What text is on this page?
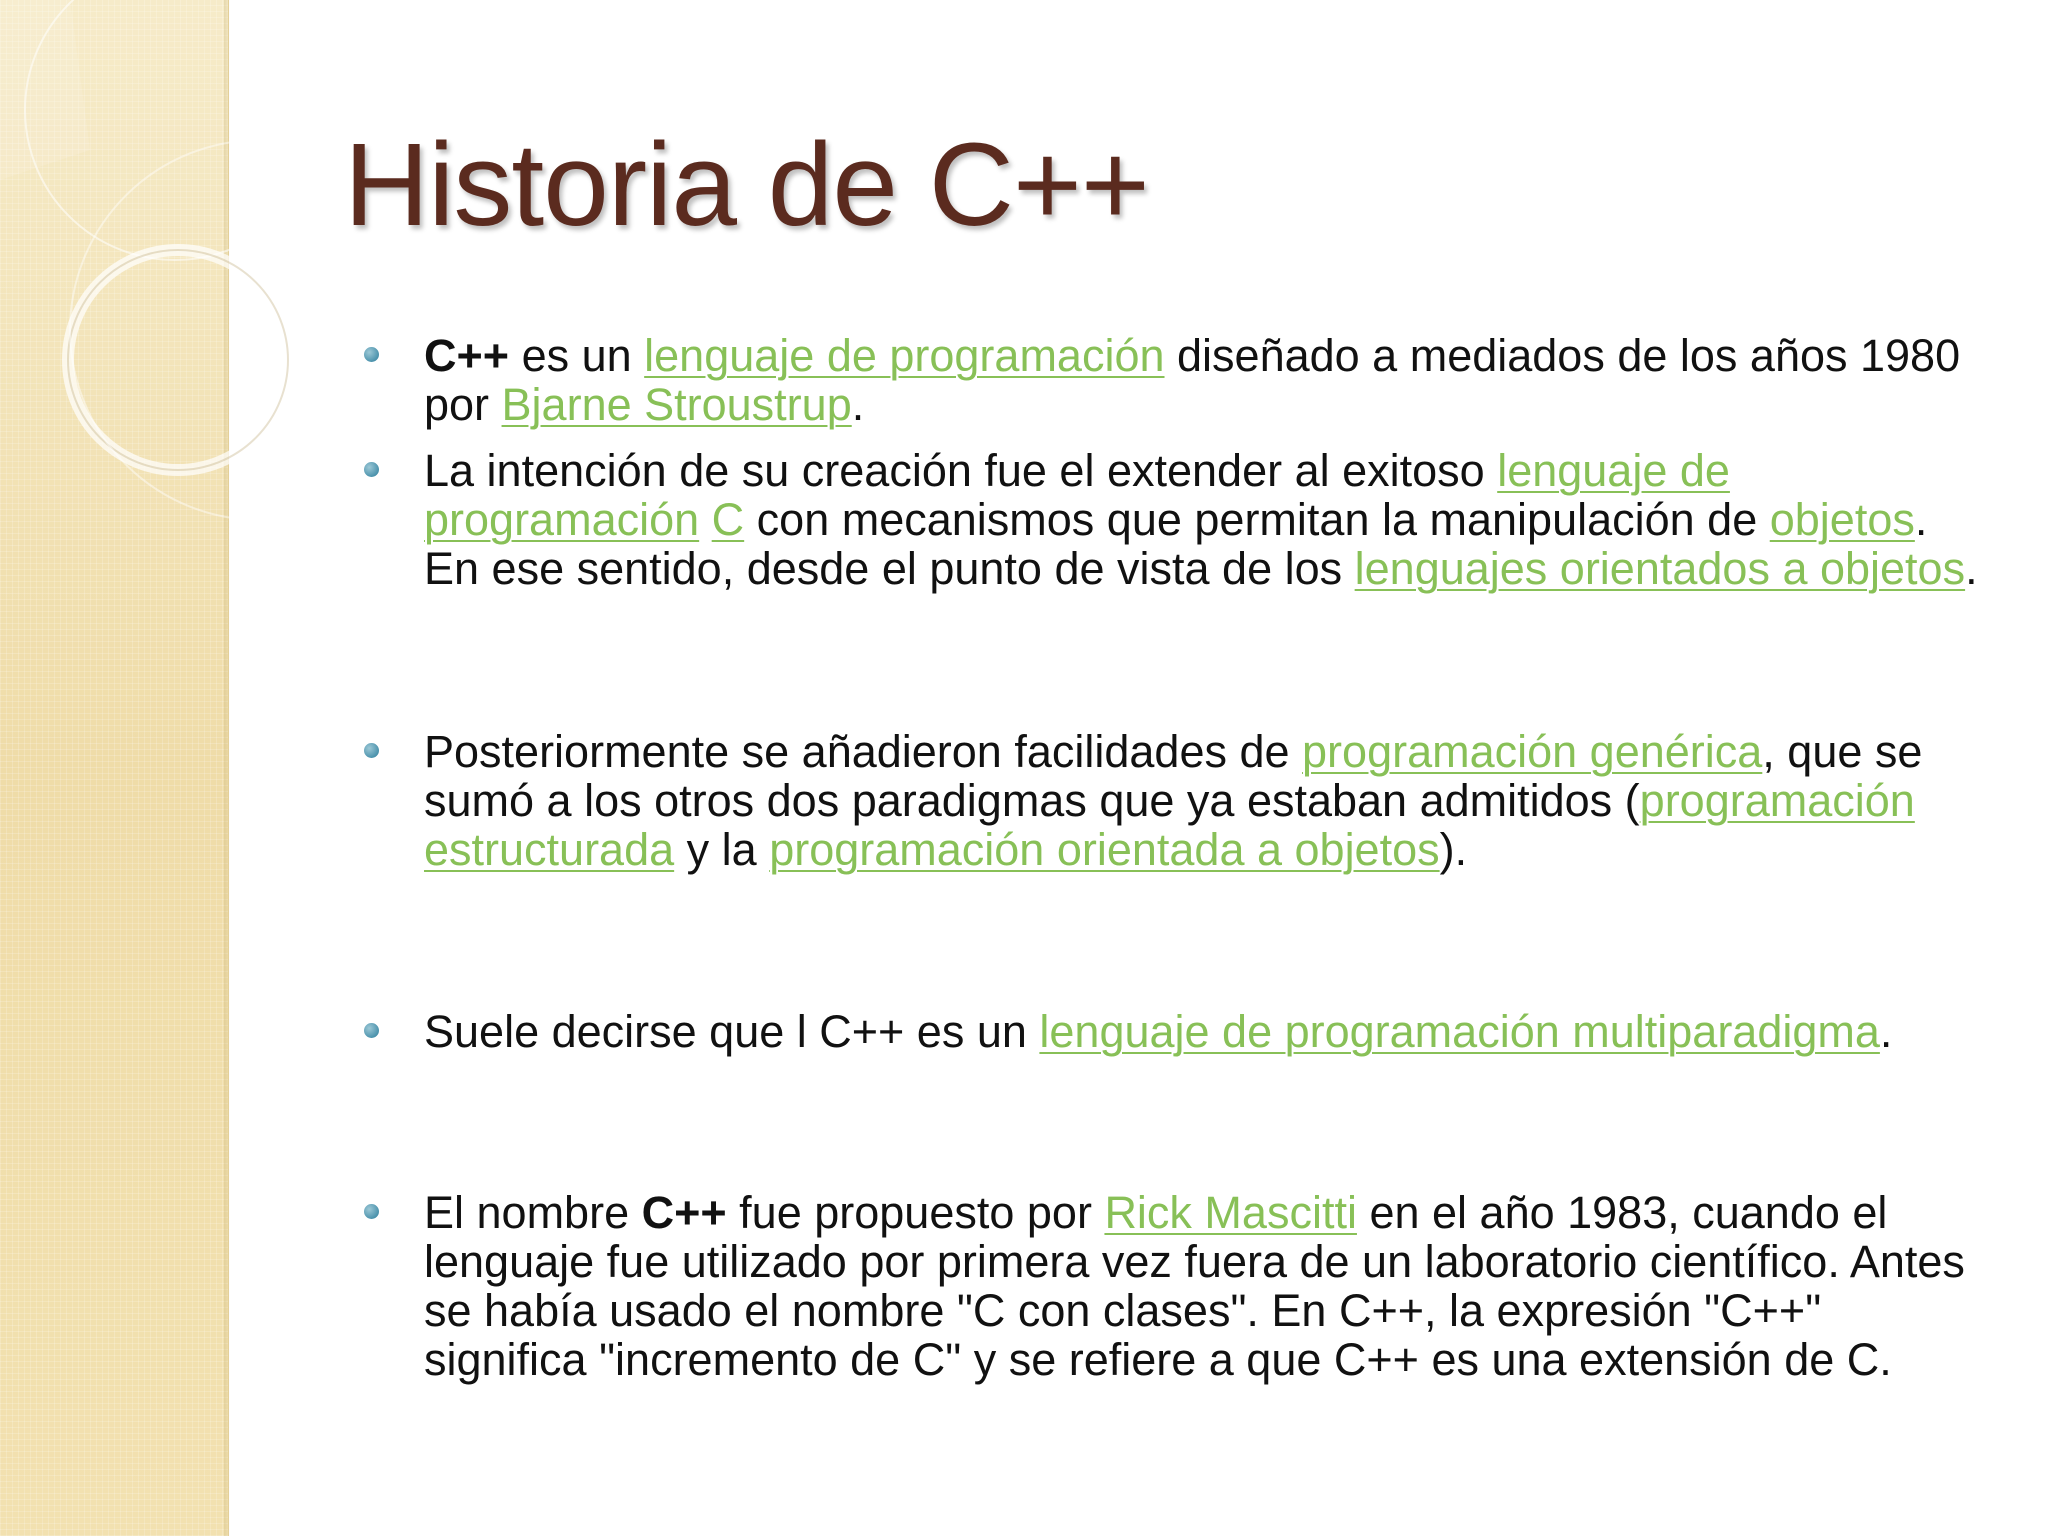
Historia de C++

C++ es un lenguaje de programación diseñado a mediados de los años 1980 por Bjarne Stroustrup.

La intención de su creación fue el extender al exitoso lenguaje de programación C con mecanismos que permitan la manipulación de objetos. En ese sentido, desde el punto de vista de los lenguajes orientados a objetos.

Posteriormente se añadieron facilidades de programación genérica, que se sumó a los otros dos paradigmas que ya estaban admitidos (programación estructurada y la programación orientada a objetos).

Suele decirse que l C++ es un lenguaje de programación multiparadigma.

El nombre C++ fue propuesto por Rick Mascitti en el año 1983, cuando el lenguaje fue utilizado por primera vez fuera de un laboratorio científico. Antes se había usado el nombre "C con clases". En C++, la expresión "C++" significa "incremento de C" y se refiere a que C++ es una extensión de C.
